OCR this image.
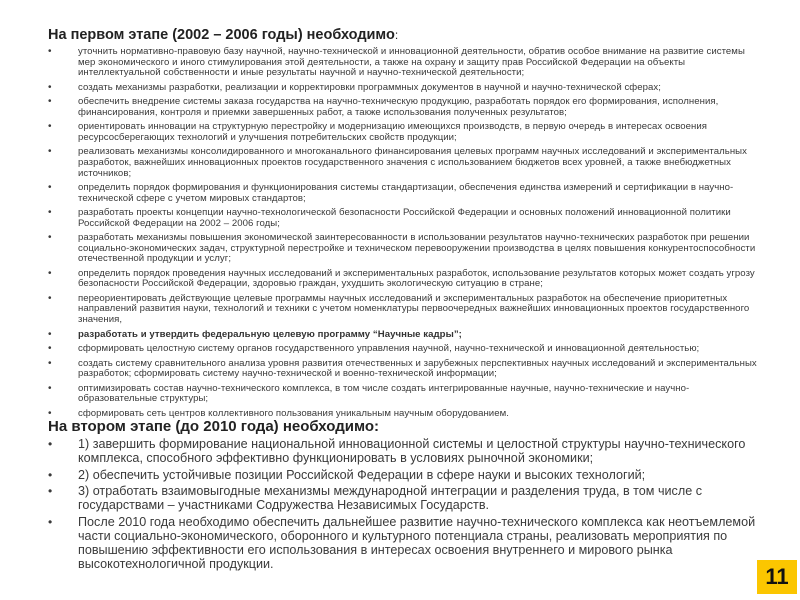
На первом этапе (2002 – 2006 годы) необходимо:
•	уточнить нормативно-правовую базу научной, научно-технической и инновационной деятельности, обратив особое внимание на развитие системы мер экономического и иного стимулирования этой деятельности, а также на охрану и защиту прав Российской Федерации на объекты интеллектуальной собственности и иные результаты научной и научно-технической деятельности;
•	создать механизмы разработки, реализации и корректировки программных документов в научной и научно-технической сферах;
•	обеспечить внедрение системы заказа государства на научно-техническую продукцию, разработать порядок его формирования, исполнения, финансирования, контроля и приемки завершенных работ, а также использования полученных результатов;
•	ориентировать инновации на структурную перестройку и модернизацию имеющихся производств, в первую очередь в интересах освоения ресурсосберегающих технологий и улучшения потребительских свойств продукции;
•	реализовать механизмы консолидированного и многоканального финансирования целевых программ научных исследований и экспериментальных разработок, важнейших инновационных проектов государственного значения с использованием бюджетов всех уровней, а также внебюджетных источников;
•	определить порядок формирования и функционирования системы стандартизации, обеспечения единства измерений и сертификации в научно-технической сфере с учетом мировых стандартов;
•	разработать проекты концепции научно-технологической безопасности Российской Федерации и основных положений инновационной политики Российской Федерации на 2002 – 2006 годы;
•	разработать механизмы повышения экономической заинтересованности в использовании результатов научно-технических разработок при решении социально-экономических задач, структурной перестройке и техническом перевооружении производства в целях повышения конкурентоспособности отечественной продукции и услуг;
•	определить порядок проведения научных исследований и экспериментальных разработок, использование результатов которых может создать угрозу безопасности Российской Федерации, здоровью граждан, ухудшить экологическую ситуацию в стране;
•	переориентировать действующие целевые программы научных исследований и экспериментальных разработок на обеспечение приоритетных направлений развития науки, технологий и техники с учетом номенклатуры первоочередных важнейших инновационных проектов государственного значения,
•	разработать и утвердить федеральную целевую программу “Научные кадры”;
•	сформировать целостную систему органов государственного управления научной, научно-технической и инновационной деятельностью;
•	создать систему сравнительного анализа уровня развития отечественных и зарубежных перспективных научных исследований и экспериментальных разработок; сформировать систему научно-технической и военно-технической информации;
•	оптимизировать состав научно-технического комплекса, в том числе создать интегрированные научные, научно-технические и научно-образовательные структуры;
•	сформировать сеть центров коллективного пользования уникальным научным оборудованием.
На втором этапе (до 2010 года) необходимо:
• 1) завершить формирование национальной инновационной системы и целостной структуры научно-технического комплекса, способного эффективно функционировать в условиях рыночной экономики;
• 2) обеспечить устойчивые позиции Российской Федерации в сфере науки и высоких технологий;
• 3) отработать взаимовыгодные механизмы международной интеграции и разделения труда, в том числе с государствами – участниками Содружества Независимых Государств.
• После 2010 года необходимо обеспечить дальнейшее развитие научно-технического комплекса как неотъемлемой части социально-экономического, оборонного и культурного потенциала страны, реализовать мероприятия по повышению эффективности его использования в интересах освоения внутреннего и мирового рынка высокотехнологичной продукции.
11
